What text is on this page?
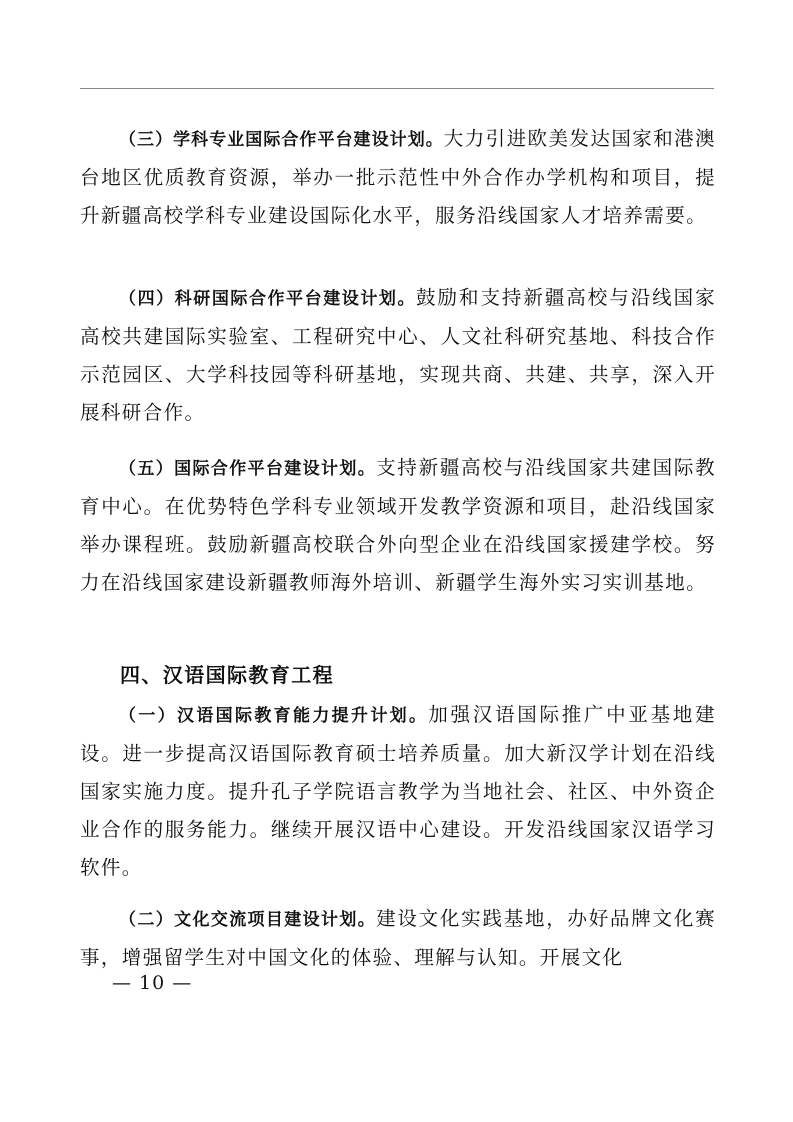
（三）学科专业国际合作平台建设计划。大力引进欧美发达国家和港澳台地区优质教育资源，举办一批示范性中外合作办学机构和项目，提升新疆高校学科专业建设国际化水平，服务沿线国家人才培养需要。

（四）科研国际合作平台建设计划。鼓励和支持新疆高校与沿线国家高校共建国际实验室、工程研究中心、人文社科研究基地、科技合作示范园区、大学科技园等科研基地，实现共商、共建、共享，深入开展科研合作。

（五）国际合作平台建设计划。支持新疆高校与沿线国家共建国际教育中心。在优势特色学科专业领域开发教学资源和项目，赴沿线国家举办课程班。鼓励新疆高校联合外向型企业在沿线国家援建学校。努力在沿线国家建设新疆教师海外培训、新疆学生海外实习实训基地。

四、汉语国际教育工程

（一）汉语国际教育能力提升计划。加强汉语国际推广中亚基地建设。进一步提高汉语国际教育硕士培养质量。加大新汉学计划在沿线国家实施力度。提升孔子学院语言教学为当地社会、社区、中外资企业合作的服务能力。继续开展汉语中心建设。开发沿线国家汉语学习软件。

（二）文化交流项目建设计划。建设文化实践基地，办好品牌文化赛事，增强留学生对中国文化的体验、理解与认知。开展文化

— 10 —
